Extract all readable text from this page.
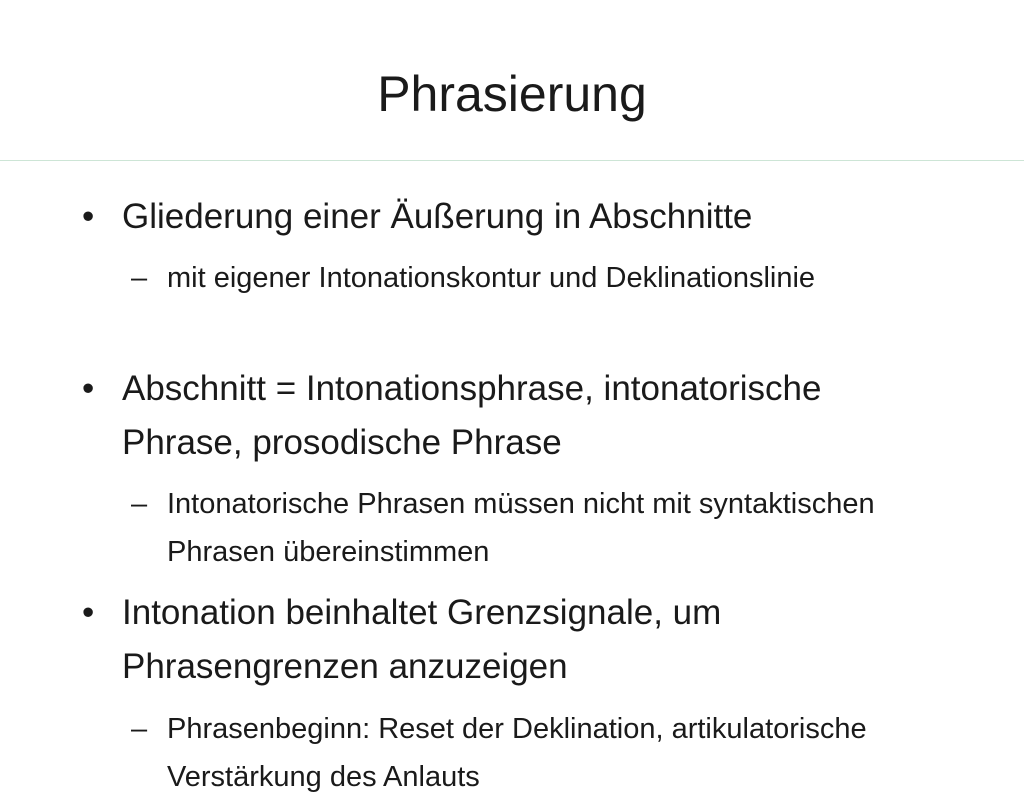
Phrasierung

• Gliederung einer Äußerung in Abschnitte

– mit eigener Intonationskontur und Deklinationslinie

• Abschnitt = Intonationsphrase, intonatorische Phrase, prosodische Phrase

– Intonatorische Phrasen müssen nicht mit syntaktischen Phrasen übereinstimmen

• Intonation beinhaltet Grenzsignale, um Phrasengrenzen anzuzeigen

– Phrasenbeginn: Reset der Deklination, artikulatorische Verstärkung des Anlauts
